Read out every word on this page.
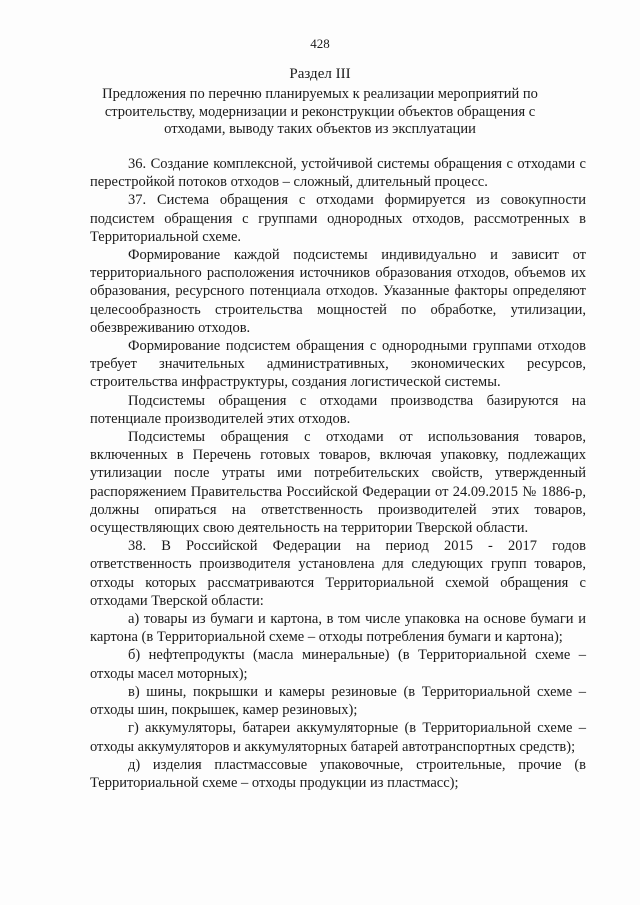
428
Раздел III
Предложения по перечню планируемых к реализации мероприятий по строительству, модернизации и реконструкции объектов обращения с отходами, выводу таких объектов из эксплуатации

36. Создание комплексной, устойчивой системы обращения с отходами с перестройкой потоков отходов – сложный, длительный процесс.

37. Система обращения с отходами формируется из совокупности подсистем обращения с группами однородных отходов, рассмотренных в Территориальной схеме.

Формирование каждой подсистемы индивидуально и зависит от территориального расположения источников образования отходов, объемов их образования, ресурсного потенциала отходов. Указанные факторы определяют целесообразность строительства мощностей по обработке, утилизации, обезвреживанию отходов.

Формирование подсистем обращения с однородными группами отходов требует значительных административных, экономических ресурсов, строительства инфраструктуры, создания логистической системы.

Подсистемы обращения с отходами производства базируются на потенциале производителей этих отходов.

Подсистемы обращения с отходами от использования товаров, включенных в Перечень готовых товаров, включая упаковку, подлежащих утилизации после утраты ими потребительских свойств, утвержденный распоряжением Правительства Российской Федерации от 24.09.2015 № 1886-р, должны опираться на ответственность производителей этих товаров, осуществляющих свою деятельность на территории Тверской области.

38. В Российской Федерации на период 2015 - 2017 годов ответственность производителя установлена для следующих групп товаров, отходы которых рассматриваются Территориальной схемой обращения с отходами Тверской области:

а) товары из бумаги и картона, в том числе упаковка на основе бумаги и картона (в Территориальной схеме – отходы потребления бумаги и картона);

б) нефтепродукты (масла минеральные) (в Территориальной схеме – отходы масел моторных);

в) шины, покрышки и камеры резиновые (в Территориальной схеме – отходы шин, покрышек, камер резиновых);

г) аккумуляторы, батареи аккумуляторные (в Территориальной схеме – отходы аккумуляторов и аккумуляторных батарей автотранспортных средств);

д) изделия пластмассовые упаковочные, строительные, прочие (в Территориальной схеме – отходы продукции из пластмасс);
